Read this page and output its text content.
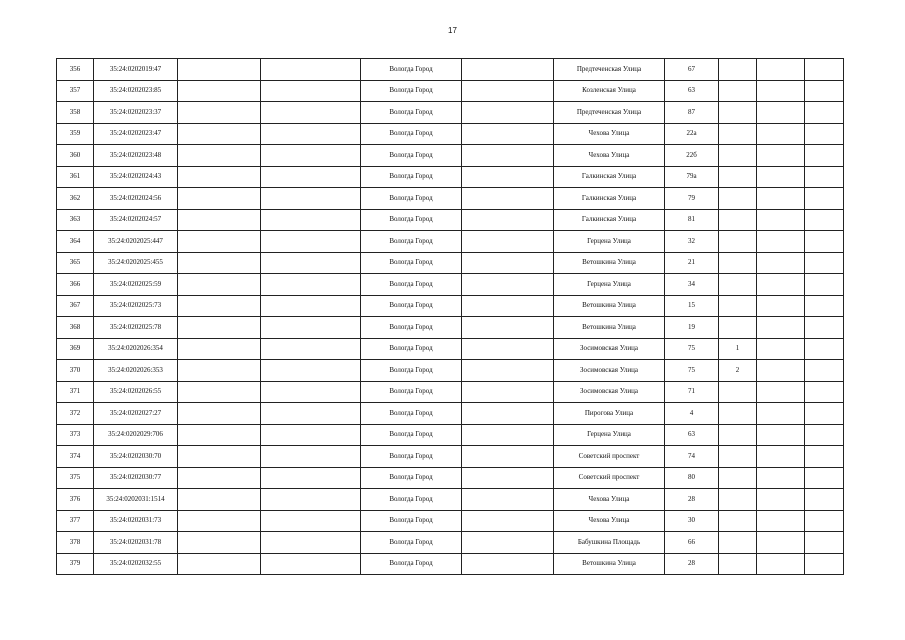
17
356	35:24:0202019:47			Вологда Город		Предтеченская Улица	67			
357	35:24:0202023:85			Вологда Город		Козленская Улица	63			
358	35:24:0202023:37			Вологда Город		Предтеченская Улица	87			
359	35:24:0202023:47			Вологда Город		Чехова Улица	22а			
360	35:24:0202023:48			Вологда Город		Чехова Улица	22б			
361	35:24:0202024:43			Вологда Город		Галкинская Улица	79а			
362	35:24:0202024:56			Вологда Город		Галкинская Улица	79			
363	35:24:0202024:57			Вологда Город		Галкинская Улица	81			
364	35:24:0202025:447			Вологда Город		Герцена Улица	32			
365	35:24:0202025:455			Вологда Город		Ветошкина Улица	21			
366	35:24:0202025:59			Вологда Город		Герцена Улица	34			
367	35:24:0202025:73			Вологда Город		Ветошкина Улица	15			
368	35:24:0202025:78			Вологда Город		Ветошкина Улица	19			
369	35:24:0202026:354			Вологда Город		Зосимовская Улица	75	1		
370	35:24:0202026:353			Вологда Город		Зосимовская Улица	75	2		
371	35:24:0202026:55			Вологда Город		Зосимовская Улица	71			
372	35:24:0202027:27			Вологда Город		Пирогова Улица	4			
373	35:24:0202029:706			Вологда Город		Герцена Улица	63			
374	35:24:0202030:70			Вологда Город		Советский проспект	74			
375	35:24:0202030:77			Вологда Город		Советский проспект	80			
376	35:24:0202031:1514			Вологда Город		Чехова Улица	28			
377	35:24:0202031:73			Вологда Город		Чехова Улица	30			
378	35:24:0202031:78			Вологда Город		Бабушкина Площадь	66			
379	35:24:0202032:55			Вологда Город		Ветошкина Улица	28			
